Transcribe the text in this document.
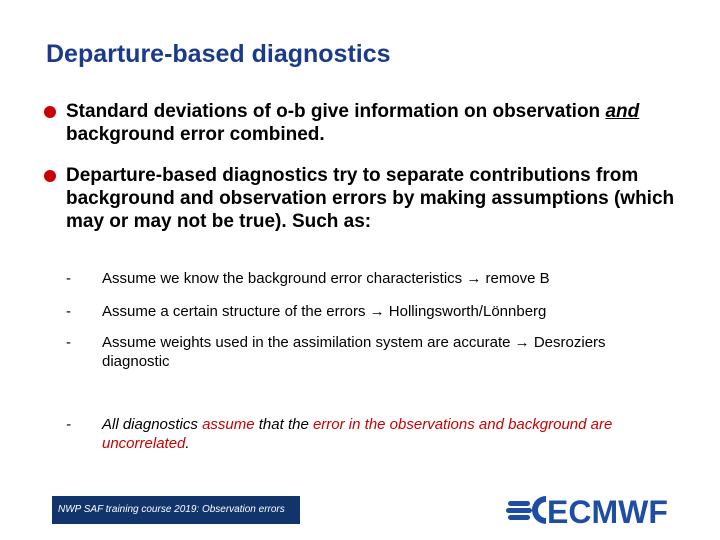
Departure-based diagnostics
Standard deviations of o-b give information on observation and background error combined.
Departure-based diagnostics try to separate contributions from background and observation errors by making assumptions (which may or may not be true). Such as:
-	Assume we know the background error characteristics → remove B
-	Assume a certain structure of the errors → Hollingsworth/Lönnberg
-	Assume weights used in the assimilation system are accurate → Desroziers diagnostic
-	All diagnostics assume that the error in the observations and background are uncorrelated.
NWP SAF training course 2019: Observation errors	ECMWF
